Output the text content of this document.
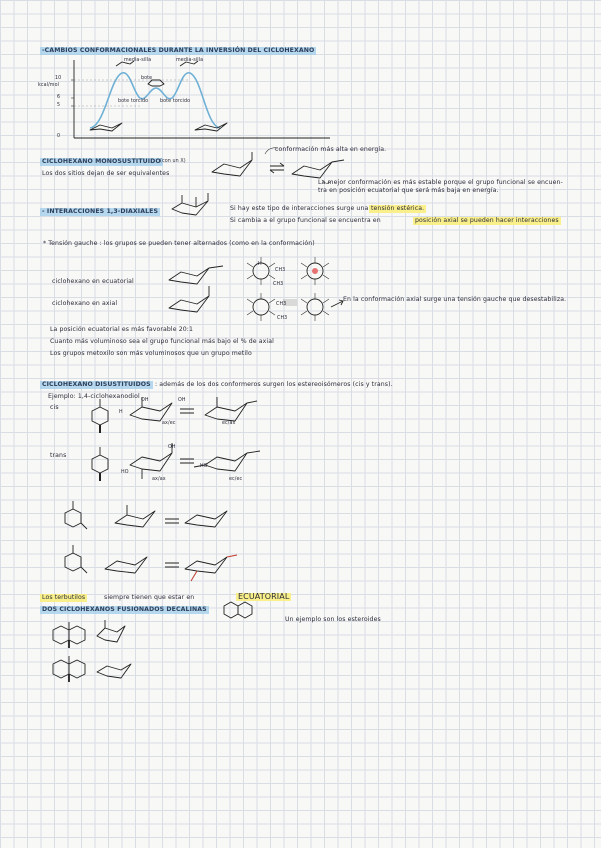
-CAMBIOS CONFORMACIONALES DURANTE LA INVERSIÓN DEL CICLOHEXANO
media-silla	media-silla
bote
bote torcido bote torcido
10
kcal/mol
6
5
0
CICLOHEXANO MONOSUSTITUIDO (con un X)
Los dos sitios dejan de ser equivalentes
conformación más alta en energía.
La mejor conformación es más estable porque el grupo funcional se encuen-
tra en posición ecuatorial que será más baja en energía.
- INTERACCIONES 1,3-DIAXIALES	Si hay este tipo de interacciones surge una tensión estérica.
Si cambia a el grupo funcional se encuentra en	posición axial se pueden hacer interacciones
* Tensión gauche : los grupos se pueden tener alternados (como en la conformación)
ciclohexano en ecuatorial
ciclohexano en axial
CH3
CH3
CH3
CH3
H
En la conformación axial surge una tensión gauche que desestabiliza.
La posición ecuatorial es más favorable 20:1
Cuanto más voluminoso sea el grupo funcional más bajo el % de axial
Los grupos metoxilo son más voluminosos que un grupo metilo
CICLOHEXANO DISUSTITUIDOS : además de los dos conformeros surgen los estereoisómeros (cis y trans).
Ejemplo: 1,4-ciclohexanodiol
cis
trans
OH	OH
H
ax/ec	ec/ax
OH
HO
HO
ax/ax	ec/ec
Los terbutilos	siempre tienen que estar en	ECUATORIAL
DOS CICLOHEXANOS FUSIONADOS DECALINAS
Un ejemplo son los esteroides
